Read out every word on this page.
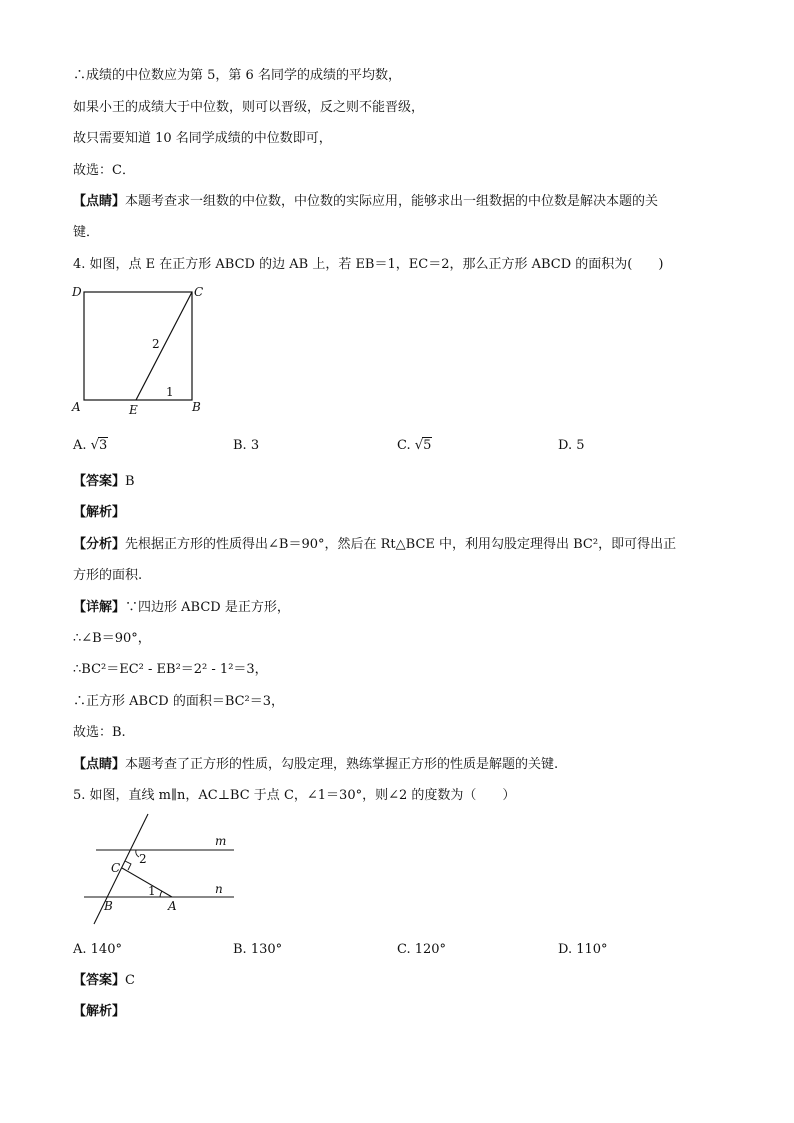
∴成绩的中位数应为第 5，第 6 名同学的成绩的平均数，
如果小王的成绩大于中位数，则可以晋级，反之则不能晋级，
故只需要知道 10 名同学成绩的中位数即可，
故选：C．
【点睛】本题考查求一组数的中位数，中位数的实际应用，能够求出一组数据的中位数是解决本题的关
键．
4. 如图，点 E 在正方形 ABCD 的边 AB 上，若 EB＝1，EC＝2，那么正方形 ABCD 的面积为(　　)
D	C
A	E	B
2
1
A. √3	B. 3	C. √5	D. 5
【答案】B
【解析】
【分析】先根据正方形的性质得出∠B＝90°，然后在 Rt△BCE 中，利用勾股定理得出 BC²，即可得出正
方形的面积.
【详解】∵四边形 ABCD 是正方形，
∴∠B＝90°，
∴BC²＝EC² - EB²＝2² - 1²＝3，
∴正方形 ABCD 的面积＝BC²＝3，
故选：B.
【点睛】本题考查了正方形的性质，勾股定理，熟练掌握正方形的性质是解题的关键.
5. 如图，直线 m∥n，AC⊥BC 于点 C，∠1＝30°，则∠2 的度数为（　　）
m
n
C
B	A
1
2
A. 140°	B. 130°	C. 120°	D. 110°
【答案】C
【解析】
